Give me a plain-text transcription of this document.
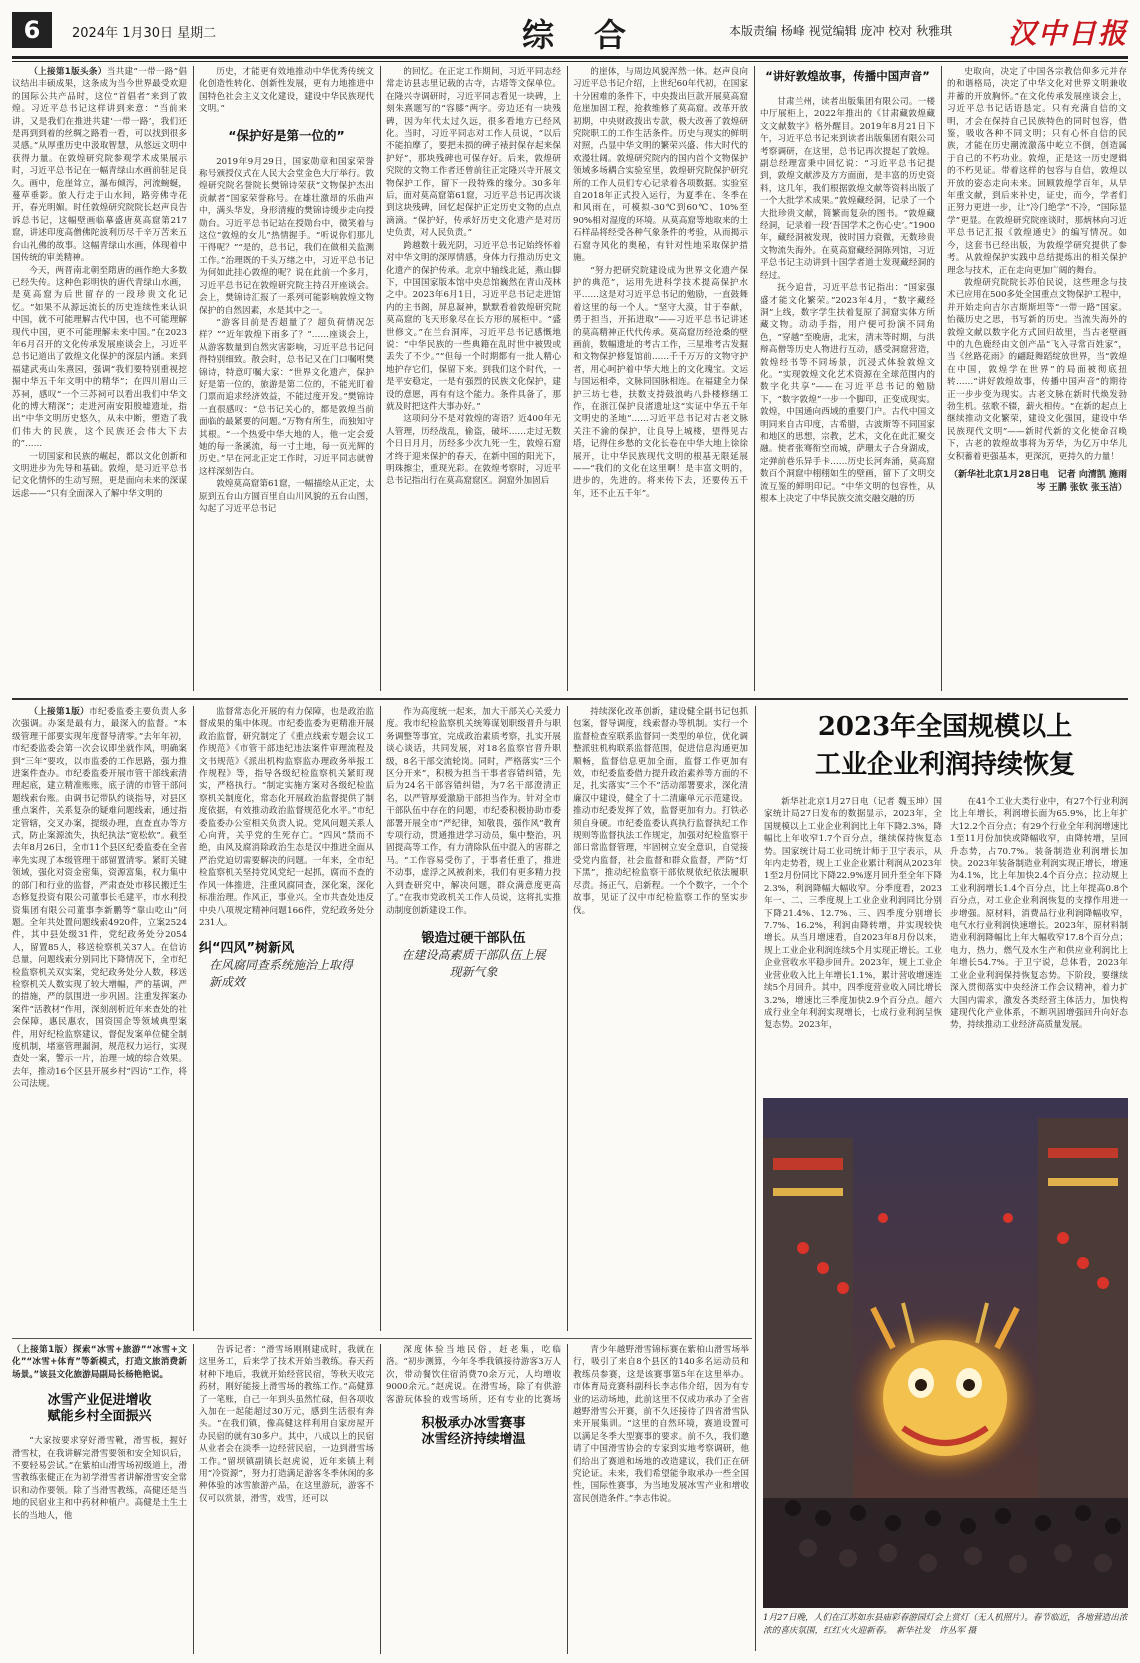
6	2024年 1月30日 星期二	综合	本版责编 杨峰 视觉编辑 庞冲 校对 秋雅琪 汉中日报

（上接第1版头条）当共建“一带一路”倡议结出丰硕成果，这条成为当今世界最受欢迎的国际公共产品时，这位“首倡者”来到了敦煌。习近平总书记这样讲到来意：“当前来讲，又是我们在推进共建‘一带一路’，我们还是再到到着的丝绸之路看一看，可以找到很多灵感。”从厚重历史中汲取智慧，从悠远文明中获得力量。在敦煌研究院参观学术成果展示时，习近平总书记在一幅青绿山水画前驻足良久。画中，危崖耸立，瀑布倾泻，河流蜿蜒，蔓草垂影。旅人行走于山水间，路旁佛寺花开，春光明媚。时任敦煌研究院院长赵声良告诉总书记，这幅壁画临摹盛唐莫高窟第217窟，讲述印度高僧佛陀波利历尽千辛万苦来五台山礼佛的故事。这幅青绿山水画，体现着中国传统的审美精神。

今天，两晋南北朝至隋唐的画作绝大多数已经失传。这种色彩明快的唐代青绿山水画，是莫高窟为后世留存的一段珍贵文化记忆。“如果不从源远流长的历史连续性来认识中国，就不可能理解古代中国，也不可能理解现代中国，更不可能理解未来中国。”在2023年6月召开的文化传承发展座谈会上，习近平总书记道出了敦煌文化保护的深层内涵。来到福建武夷山朱熹园，强调“我们要特别重视挖掘中华五千年文明中的精华”；在四川眉山三苏祠，感叹“一个三苏祠可以看出我们中华文化的博大精深”；走进河南安阳殷墟遗址，指出“中华文明历史悠久，从未中断，塑造了我们伟大的民族，这个民族还会伟大下去的”……

一切国家和民族的崛起，都以文化创新和文明进步为先导和基础。敦煌，是习近平总书记文化情怀的生动写照，更是面向未来的深谋远虑——“只有全面深入了解中华文明的

历史，才能更有效地推动中华优秀传统文化创造性转化、创新性发展，更有力地推进中国特色社会主义文化建设，建设中华民族现代文明。”

“保护好是第一位的”

2019年9月29日，国家勋章和国家荣誉称号颁授仪式在人民大会堂金色大厅举行。敦煌研究院名誉院长樊锦诗荣获“文物保护杰出贡献者”国家荣誉称号。在雄壮激昂的乐曲声中，满头华发，身形清瘦的樊锦诗缓步走向授勋台。习近平总书记站在授勋台中，微笑着与这位“敦煌的女儿”热情握手。“听说你们那儿干得呢？”“是的，总书记，我们在做相关监测工作。”治理既的千头万绪之中，习近平总书记为何如此挂心敦煌的呢？说在此前一个多月，习近平总书记在敦煌研究院主持召开座谈会。会上，樊锦诗汇报了一系列可能影响敦煌文物保护的自然因素，水是其中之一。

“游客目前是否超量了？超负荷情况怎样？”“近年敦煌下雨多了？”……座谈会上，从游客数量到自然灾害影响，习近平总书记问得特别细致。散会时，总书记又在门口嘱咐樊锦诗，特意叮嘱大家：“世界文化遗产，保护好是第一位的，旅游是第二位的，不能光盯着门票而追求经济效益，不能过度开发。”樊锦诗一直很感叹：“总书记关心的，都是敦煌当前面临的最紧要的问题。”万物有所生，而独知守其根。“一个热爱中华大地的人，他一定会爱她的每一条溪流，每一寸土地，每一页光辉的历史。”早在河北正定工作时，习近平同志就曾这样深刻告白。

敦煌莫高窟第61窟，一幅描绘从正定，太原到五台山方圆百里自山川风貌的五台山图，勾起了习近平总书记

的回忆。在正定工作期间，习近平同志经常走访县志里记载的古寺，古塔等文保单位。在隆兴寺调研时，习近平同志看见一块碑，上刻朱熹题写的“容膝”两字。旁边还有一块残碑，因为年代太过久远，很多看地方已经风化。当时，习近平同志对工作人员说，“以后不能拍摩了，要把未损的碑子裱封保存起来保护好”，那块残碑也可保存好。后来，敦煌研究院的文物工作者还曾前往正定隆兴寺开展文物保护工作，留下一段特殊的缘分。30多年后，面对莫高窟第61窟，习近平总书记再次谈到这块残碑，回忆起保护正定历史文物的点点滴滴。“保护好，传承好历史文化遗产是对历史负责，对人民负责。”

跨越数十载光阴，习近平总书记始终怀着对中华文明的深厚情感，身体力行推动历史文化遗产的保护传承。北京中轴线北延，燕山脚下，中国国家版本馆中央总馆巍然在青山茂林之中。2023年6月1日，习近平总书记走进馆内的主书阁，屏息凝神，默默看着敦煌研究院莫高窟的飞天形象尽在长方形的展柜中。“盛世修文。”在兰台洞库，习近平总书记感慨地说：“中华民族的一些典籍在乱时世中被毁或丢失了不少。”“但每一个时期都有一批人精心地护存它们，保留下来。到我们这个时代，一是平安稳定，一是有强烈的民族文化保护，建设的意愿，再有有这个能力。条件具备了，那就及时把这件大事办好。”

这项问分不是对敦煌的寄语？近400年无人管理，历经战乱，偷盗，破坏……走过无数个日日月月，历经多少次九死一生，敦煌石窟才终于迎来保护的春天，在新中国的阳光下，明珠擦尘，重现光彩。在敦煌考察时，习近平总书记指出行在莫高窟窟区。洞窟外加固后

的崖体，与周边风貌浑然一体。赵声良向习近平总书记介绍，上世纪60年代初，在国家十分困难的条件下，中央拨出巨款开展莫高窟危崖加固工程，抢救维修了莫高窟。改革开放初期，中央财政拨出专款，极大改善了敦煌研究院职工的工作生活条件。历史与现实的鲜明对照，凸显中华文明的繁荣兴盛、伟大时代的欢漫壮阔。敦煌研究院内的国内首个文物保护领域多场耦合实验室里，敦煌研究院保护研究所的工作人员们专心记录着各项数据。实验室自2018年正式投入运行，为夏季在、冬季在和风雨在，可模拟-30℃到60℃、10%至90%相对湿度的环境。从莫高窟等地取来的土石样品将经受各种气象条件的考验，从而揭示石窟寺风化的奥秘，有针对性地采取保护措施。

“努力把研究院建设成为世界文化遗产保护的典范”，运用先进科学技术提高保护水平……这是对习近平总书记的勉励，一直鼓舞着这里的每一个人。“坚守大漠，甘于奉献，勇于担当，开拓进取”——习近平总书记讲述的莫高精神正代代传承。莫高窟历经沧桑的壁画前，数幅遗址的考古工作，三星堆考古发掘和文物保护修复馆前……千千万万的文物守护者，用心呵护着中华大地上的文化瑰宝。文运与国运相牵，文脉同国脉相连。在福建全力保护三坊七巷，扶数支持鼓浪屿八卦楼修缮工作，在浙江保护良渚遗址这“实证中华五千年文明史的圣地”……习近平总书记对古老文脉关注不渝的保护，让良导上城楼，望得见古塔，记得住乡愁的文化长卷在中华大地上徐徐展开，让中华民族现代文明的根基无限延展——“我们的文化在这里啊！是丰富文明的，进步的，先进的。将来传下去，还要传五千年，还不止五千年”。

“讲好敦煌故事，传播中国声音”

甘肃兰州，读者出版集团有限公司。一楼中厅展柜上，2022年推出的《甘肃藏敦煌藏文文献数字》格外醒目。2019年8月21日下午，习近平总书记来到读者出版集团有限公司考察调研，在这里，总书记再次提起了敦煌。副总经理富秉中回忆说：“习近平总书记提到，敦煌文献涉及方方面面，是丰富的历史资料，这几年，我们根据敦煌文献等资料出版了一个大批学术成果。”敦煌藏经洞，记录了一个大批珍贵文献，简繁而复杂的图书。“敦煌藏经洞，记录着一段‘吾国学术之伤心史’。”1900年，藏经洞被发现，彼时国力衰微，无数珍贵文物流失海外。在莫高窟藏经洞陈列馆，习近平总书记主动讲到十国学者道士发现藏经洞的经过。

抚今追昔，习近平总书记指出：“国家强盛才能文化繁荣。”2023年4月，“数字藏经洞”上线，数字学生扶着复原了洞窟实体方所藏文物。动动手指，用户便可扮演不同角色，“穿越”至晚唐，北宋，清末等时期，与洪辩高僧等历史人物进行互动，感受洞窟营造，敦煌经书等不同场景，沉浸式体验敦煌文化。“实现敦煌文化艺术资源在全球范围内的数字化共享”——在习近平总书记的勉励下，“数字敦煌”一步一个脚印，正变成现实。敦煌，中国通向西域的重要门户。古代中国文明同来自古印度，古希腊，古波斯等不同国家和地区的思想，宗教，艺术，文化在此汇聚交融。使者张骞衔空而城，萨珊太子合身湖成，定弹前巷乐异手卡……历史长河奔涌，莫高窟数百个洞窟中栩栩如生的壁画，留下了文明交流互鉴的鲜明印记。“中华文明的包容性，从根本上决定了中华民族交流交融交融的历

史取向，决定了中国各宗教信仰多元并存的和谐格局，决定了中华文化对世界文明兼收并蓄的开放胸怀。”在文化传承发展座谈会上，习近平总书记话语恳定。只有充满自信的文明，才会在保持自己民族特色的同时包容，借鉴，吸收各种不同文明；只有心怀自信的民族，才能在历史潮流激荡中屹立不倒，创造属于自己的不朽功业。敦煌，正是这一历史逻辑的不朽见证。带着这样的包容与自信，敦煌以开放的姿态走向未来。回顾敦煌学百年，从早年重文献，到后来补史，证史，而今，学者们正努力更进一步，让“冷门绝学”不冷，“国际显学”更显。在敦煌研究院座谈时，那炳林向习近平总书记汇报《敦煌通史》的编写情况。如今，这套书已经出版，为敦煌学研究提供了参考。从敦煌保护实践中总结提炼出的相关保护理念与技术，正在走向更加广阔的舞台。

敦煌研究院院长苏伯民说，这些理念与技术已应用在500多处全国重点文物保护工程中，并开始走向吉尔吉斯斯坦等“一带一路”国家。怡薇历史之思，书写新的历史。当流失海外的敦煌文献以数字化方式回归故里，当古老壁画中的九色鹿经由文创产品“飞入寻常百姓家”，当《丝路花雨》的翩跹舞蹈绽放世界，当“敦煌在中国，敦煌学在世界”的局面被彻底扭转……“讲好敦煌故事，传播中国声音”的期待正一步步变为现实。古老文脉在新时代焕发勃勃生机。弦歌不辍，薪火相传。“在新的起点上继续推动文化繁荣，建设文化强国，建设中华民族现代文明”——新时代新的文化使命召唤下，古老的敦煌故事将为芳华，为亿万中华儿女积蓄着更强基本，更深沉，更持久的力量！

（新华社北京1月28日电　记者 向清凯 施雨岑 王鹏 张钦 张玉洁）

（上接第1版）市纪委监委主要负责人多次强调。办案是最有力，最深入的监督。“本级管理干部要实现年度督导清零。”去年年初，市纪委监委会第一次会议即坐就作风，明确案到“三年”要攻，以市监委的工作思路，强力推进案件查办。市纪委监委开展市管干部线索清理起底，建立精准账账，底子清的市管干部问题线索台账。由调书记带队约谈指导，对县区重点案件，关系复杂的疑难问题线索，通过指定管辖，交叉办案，提级办理，直查直办等方式，防止案源流失，执纪执法“宽松软”。截至去年8月26日，全市11个县区纪委监委在全省率先实现了本级管理干部留置清零。紧盯关键领域，强化对资金密集，资源富集，权力集中的部门和行业的监督，严肃查处市移民搬迁生态修复投资有限公司董事长毛建平，市水利投资集团有限公司董事李新鹏等“靠山吃山”问题。全年共处置问题线索4920件，立案2524件，其中县处级31件，党纪政务处分2054人，留置85人，移送检察机关37人。在信访总量，问题线索分别同比下降情况下，全市纪检监察机关双实案，党纪政务处分人数，移送检察机关人数实现了较大增幅，严的基调，严的措施，严的氛围进一步巩固。注重发挥案办案件“活教材”作用，深刻剖析近年来查处的社会保障，惠民惠农，国资国企等领域典型案件，用好纪检监察建议，督促发案单位健全制度机制，堵塞管理漏洞，规范权力运行，实现查处一案，警示一片，治理一域的综合效果。去年，推动16个区县开展乡村“四访”工作，将公司法规。

监督常态化开展的有力保障，也是政治监督成果的集中体现。市纪委监委为更精准开展政治监督，研究制定了《重点线索专题会议工作规范》《市管干部违纪违法案件审理流程及文书规范》《派出机构监察监办理政务举报工作规程》等，指导各级纪检监察机关紧盯现实，严格执行。“制定实施方案对各级纪检监察机关制度化，常态化开展政治监督提供了制度依据，有效推动政治监督规范化水平。”市纪委监委办公室相关负责人说。党风问题关系人心向背，关乎党的生死存亡。“四风”禁而不绝，由风及腐消除政治生态是汉中推进全面从严治党迫切需要解决的问题。一年来，全市纪检监察机关坚持党风党纪一起抓，腐而不查的作风一体推进，注重风腐同查，深化案，深化标准治理。作风正，事业兴。全市共查处违反中央八项规定精神问题166件，党纪政务处分231人。

纠“四风”树新风
在风腐同查系统施治上取得新成效

作为高度统一起来，加大干部关心关爱力度。我市纪检监察机关统筹谋划职级晋升与职务调整等事宜，完成政治素质考察，扎实开展谈心谈话，共同发展，对18名监察官晋升职级，8名干部交流轮岗。同时，严格落实“三个区分开来”，积极为担当干事者容错纠错，先后为24名干部容错纠错，为7名干部澄清正名，以严管厚爱激励干部担当作为。针对全市干部队伍中存在的问题，市纪委积极协助市委部署开展全市“严纪律，知敬畏，强作风”教育专项行动，贯通推进学习动员，集中整治，巩固提高等工作，有力清除队伍中混入的害群之马。“工作容易受伤了，于事者任重了，推进不动事，虚浮之风被刹来，我们有更多精力投入到查研究中，解决问题，群众满意度更高了。”在我市党政机关工作人员说，这将扎实推动制度创新建设工作。

锻造过硬干部队伍
在建设高素质干部队伍上展现新气象

持续深化改革创新，建设健全副书记包抓包案，督导调度，线索督办等机制。实行一个监督检查室联系监督同一类型的单位，优化调整派驻机构联系监督范围，促进信息沟通更加顺畅，监督信息更加全面，监督工作更加有效，市纪委监委借力提升政治素养等方面的不足，扎实落实“三个不”活动部署要求，深化清廉汉中建设，健全了十二清廉单元示范建设。推动市纪委发挥了效，监督更加有力。打铁必须自身硬。市纪委监委认真执行监督执纪工作规则等监督执法工作规定，加强对纪检监察干部日常监督管理，牢固树立安全意识，自觉接受党内监督，社会监督和群众监督，严防“灯下黑”，推动纪检监察干部依规依纪依法履职尽责。扬正气，启新程。一个个数字，一个个故事，见证了汉中市纪检监察工作的坚实步伐。

2023年全国规模以上
工业企业利润持续恢复

新华社北京1月27日电（记者 魏玉坤）国家统计局27日发布的数据显示，2023年，全国规模以上工业企业利润比上年下降2.3%，降幅比上年收窄1.7个百分点，继续保持恢复态势。国家统计局工业司统计师于卫宁表示，从年内走势看，规上工业企业累计利润从2023年1至2月份同比下降22.9%逐月回升至全年下降2.3%，利润降幅大幅收窄。分季度看，2023年一、二、三季度规上工业企业利润同比分别下降21.4%、12.7%、三、四季度分别增长7.7%、16.2%，利润由降转增，并实现较快增长。从当月增速看，自2023年8月份以来，规上工业企业利润连续5个月实现正增长。工业企业营收水平稳步回升。2023年，规上工业企业营业收入比上年增长1.1%，累计营收增速连续5个月回升。其中，四季度营业收入同比增长3.2%，增速比三季度加快2.9个百分点。超六成行业全年利润实现增长，七成行业利润呈恢复态势。2023年，

在41个工业大类行业中，有27个行业利润比上年增长，利润增长面为65.9%，比上年扩大12.2个百分点；有29个行业全年利润增速比1至11月份加快或降幅收窄，由降转增，呈回升态势，占70.7%。装备制造业利润增长加快。2023年装备制造业利润实现正增长，增速为4.1%，比上年加快2.4个百分点；拉动规上工业利润增长1.4个百分点，比上年提高0.8个百分点，对工业企业利润恢复的支撑作用进一步增强。原材料，消费品行业利润降幅收窄，电气水行业利润快速增长。2023年，原材料制造业利润降幅比上年大幅收窄17.8个百分点；电力，热力，燃气及水生产和供应业利润比上年增长54.7%。于卫宁说，总体看，2023年工业企业利润保持恢复态势。下阶段，要继续深入贯彻落实中央经济工作会议精神，着力扩大国内需求，激发各类经营主体活力，加快构建现代化产业体系，不断巩固增强回升向好态势，持续推动工业经济高质量发展。

1月27日晚，人们在江苏如东县庙彩春游园灯会上赏灯（无人机照片）。春节临近，各地营造出浓浓的喜庆氛围，红红火火迎新春。　新华社发　许丛军 摄

（上接第1版）探索“冰雪+旅游”“冰雪+文化”“冰雪+体育”等新模式，打造文旅消费新场景。”该县文化旅游局副局长杨艳艳说。

冰雪产业促进增收
赋能乡村全面振兴

“大家按要求穿好滑雪靴，滑雪板，握好滑雪杖，在我讲解完滑雪要领和安全知识后，不要轻易尝试。”在紫柏山滑雪场初级道上，滑雪教练张健正在为初学滑雪者讲解滑雪安全常识和动作要领。除了当滑雪教练，高健还是当地的民宿业主和中药材种植户。高健是土生土长的当地人，他

告诉记者：“滑雪场刚刚建成时，我就在这里务工，后来学了技术开始当教练。春天药材种下地后，我就开始经营民宿，等秋天收完药材，刚好能接上滑雪场的教练工作。”高健算了一笔账，自己一年到头虽然忙碌，但各项收入加在一起能超过30万元，感到生活很有奔头。“在我们镇，像高健这样利用自家房屋开办民宿的就有30多户。其中，八成以上的民宿从业者会在淡季一边经营民宿，一边到滑雪场工作。”留坝镇副镇长赵虎说，近年来镇上利用“冷资源”，努力打造满足游客冬季休闲的多种体验的冰雪旅游产品，在这里游玩，游客不仅可以赏景，滑雪，戏雪，还可以

深度体验当地民俗，赶老集，吃临洛。“初步测算，今年冬季我镇接待游客3万人次，带动餐饮住宿消费70余万元，人均增收9000余元。”赵虎说。在滑雪场，除了有供游客游玩体验的戏雪场所，还有专业的比赛场

积极承办冰雪赛事
冰雪经济持续增温

青少年越野滑雪锦标赛在紫柏山滑雪场举行，吸引了来自8个县区的140多名运动员和教练员参赛，这是该赛事第5年在这里举办。市体育局竞赛科副科长李志伟介绍，因为有专业的运动场地，此前这里不仅成功承办了全省越野滑雪公开赛，前不久还接待了四省滑雪队来开展集训。“这里的自然环境，赛道设置可以满足冬季大型赛事的要求。前不久，我们邀请了中国滑雪协会的专家到实地考察调研，他们给出了赛道和场地的改造建议，我们正在研究论证。未来，我们希望能争取承办一些全国性，国际性赛事，为当地发展冰雪产业和增收富民创造条件。”李志伟说。
